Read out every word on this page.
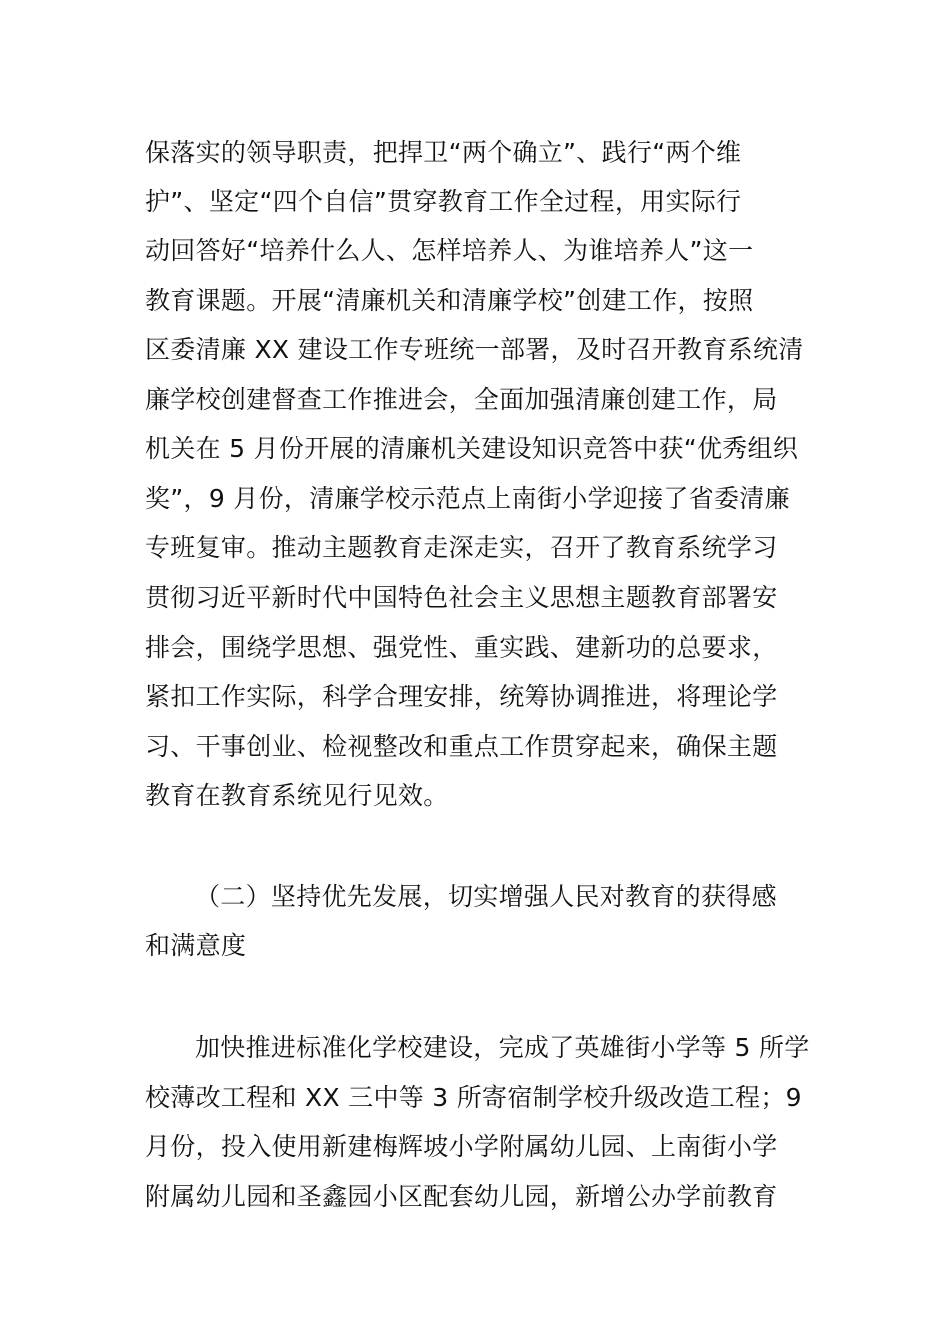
保落实的领导职责，把捍卫“两个确立”、践行“两个维
护”、坚定“四个自信”贯穿教育工作全过程，用实际行
动回答好“培养什么人、怎样培养人、为谁培养人”这一
教育课题。开展“清廉机关和清廉学校”创建工作，按照
区委清廉 XX 建设工作专班统一部署，及时召开教育系统清
廉学校创建督查工作推进会，全面加强清廉创建工作，局
机关在 5 月份开展的清廉机关建设知识竞答中获“优秀组织
奖”，9 月份，清廉学校示范点上南街小学迎接了省委清廉
专班复审。推动主题教育走深走实，召开了教育系统学习
贯彻习近平新时代中国特色社会主义思想主题教育部署安
排会，围绕学思想、强党性、重实践、建新功的总要求，
紧扣工作实际，科学合理安排，统筹协调推进，将理论学
习、干事创业、检视整改和重点工作贯穿起来，确保主题
教育在教育系统见行见效。
（二）坚持优先发展，切实增强人民对教育的获得感
和满意度
加快推进标准化学校建设，完成了英雄街小学等 5 所学
校薄改工程和 XX 三中等 3 所寄宿制学校升级改造工程；9
月份，投入使用新建梅辉坡小学附属幼儿园、上南街小学
附属幼儿园和圣鑫园小区配套幼儿园，新增公办学前教育
